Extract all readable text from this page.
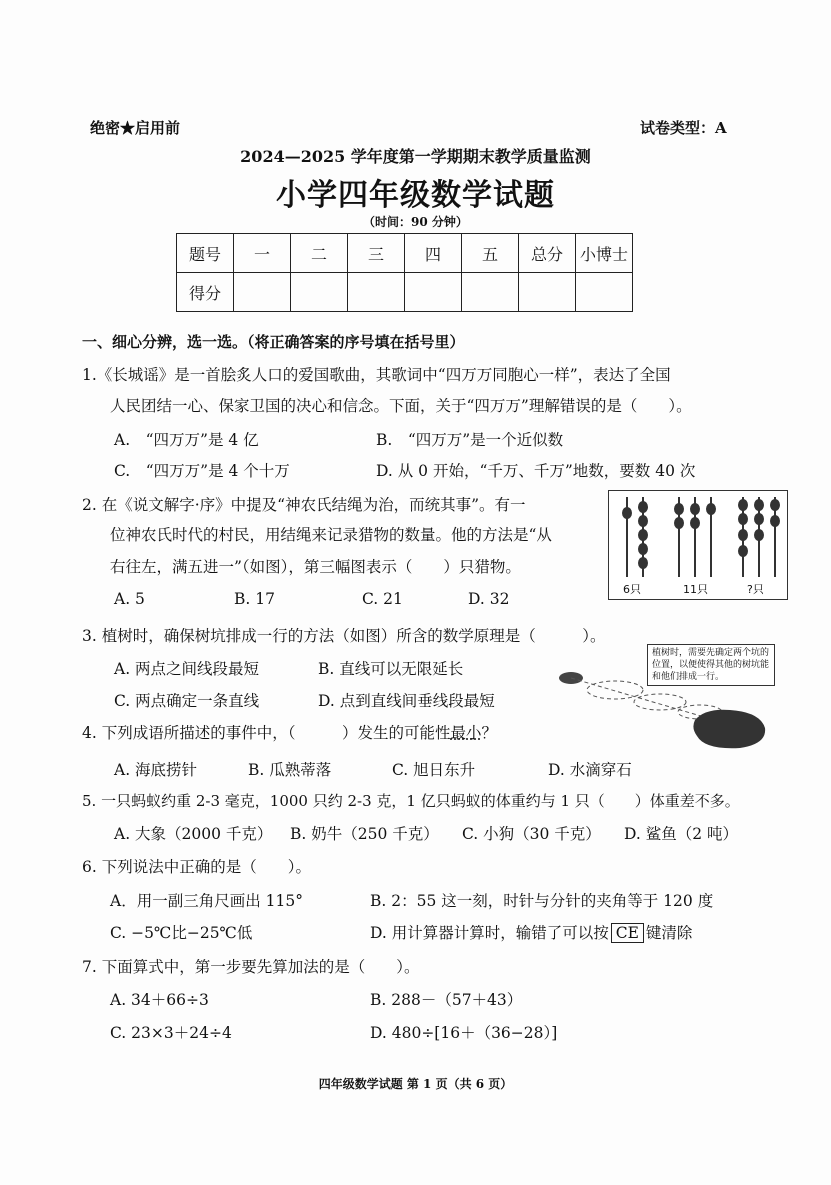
绝密★启用前	试卷类型：A
2024—2025 学年度第一学期期末教学质量监测
小学四年级数学试题
（时间：90 分钟）
题号	一	二	三	四	五	总分	小博士
得分							
一、细心分辨，选一选。（将正确答案的序号填在括号里）
1.《长城谣》是一首脍炙人口的爱国歌曲，其歌词中“四万万同胞心一样”，表达了全国
人民团结一心、保家卫国的决心和信念。下面，关于“四万万”理解错误的是（　　）。
A.　“四万万”是 4 亿	B.　“四万万”是一个近似数
C.　“四万万”是 4 个十万	D. 从 0 开始，“千万、千万”地数，要数 40 次
2. 在《说文解字·序》中提及“神农氏结绳为治，而统其事”。有一
位神农氏时代的村民，用结绳来记录猎物的数量。他的方法是“从
右往左，满五进一”（如图），第三幅图表示（　　）只猎物。
A. 5	B. 17	C. 21	D. 32
6只	11只	?只
3. 植树时，确保树坑排成一行的方法（如图）所含的数学原理是（　　　）。
A. 两点之间线段最短	B. 直线可以无限延长
C. 两点确定一条直线	D. 点到直线间垂线段最短
植树时，需要先确定两个坑的位置，以便使得其他的树坑能和他们排成一行。
4. 下列成语所描述的事件中，（　　　）发生的可能性最小？
A. 海底捞针	B. 瓜熟蒂落	C. 旭日东升	D. 水滴穿石
5. 一只蚂蚁约重 2-3 毫克，1000 只约 2-3 克，1 亿只蚂蚁的体重约与 1 只（　　）体重差不多。
A. 大象（2000 千克） B. 奶牛（250 千克） C. 小狗（30 千克） D. 鲨鱼（2 吨）
6. 下列说法中正确的是（　　）。
A．用一副三角尺画出 115°	B. 2：55 这一刻，时针与分针的夹角等于 120 度
C. −5℃比−25℃低	D. 用计算器计算时，输错了可以按 CE 键清除
7. 下面算式中，第一步要先算加法的是（　　）。
A. 34＋66÷3	B. 288－（57＋43）
C. 23×3＋24÷4	D. 480÷[16＋（36−28）]
四年级数学试题 第 1 页（共 6 页）
